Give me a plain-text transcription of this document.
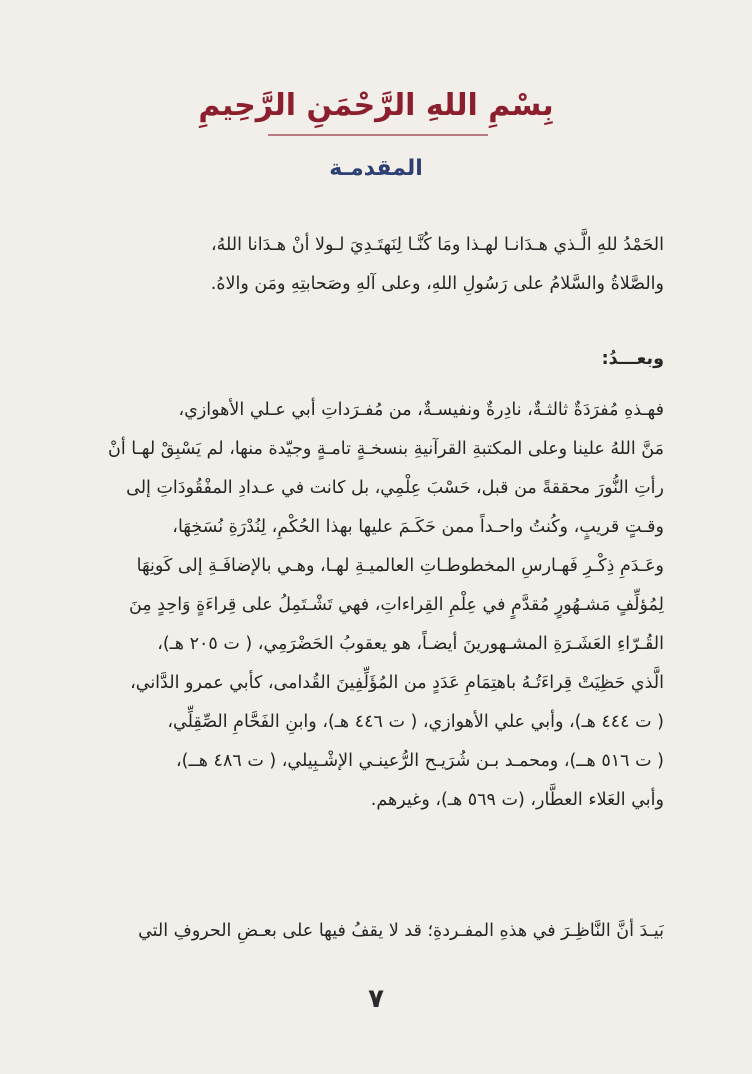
بِسْمِ اللهِ الرَّحْمَنِ الرَّحِيمِ
المقدمـة
الحَمْدُ للهِ الَّـذي هـدَانـا لهـذا ومَا كُنَّـا لِنَهتَـدِيَ لـولا أنْ هـدَانا اللهُ،
والصَّلاةُ والسَّلامُ على رَسُولِ اللهِ، وعلى آلهِ وصَحابتِهِ ومَن والاهُ.
وبعـــدُ:
فهـذهِ مُفرَدَةٌ ثالثـةٌ، نادِرةٌ ونفيسـةٌ، من مُفـرَداتِ أبي عـلي الأهوازي،
مَنَّ اللهُ علينا وعلى المكتبةِ القرآنيةِ بنسخـةٍ تامـةٍ وجيّدة منها، لم يَسْبِقْ لهـا أنْ
رأتِ النُّورَ محققةً من قبل، حَسْبَ عِلْمِي، بل كانت في عـدادِ المفْقُودَاتِ إلى
وقـتٍ قريبٍ، وكُنتُ واحـداً ممن حَكَـمَ عليها بهذا الحُكْمِ، لِنُدْرَةِ نُسَخِهَا،
وعَـدَمِ ذِكْـرِ فَهـارسِ المخطوطـاتِ العالميـةِ لهـا، وهـي بالإضافَـةِ إلى كَونِهَا
لِمُؤلِّفٍ مَشـهُورٍ مُقدَّمٍ في عِلْمِ القِراءاتِ، فهي تَشْـتَمِلُ على قِراءَةٍ وَاحِدٍ مِنَ
القُـرّاءِ العَشَـرَةِ المشـهورينَ أيضـاً، هو يعقوبُ الحَضْرَمِي، ( ت ٢٠٥ هـ)،
الَّذي حَظِيَتْ قِراءَتُـهُ باهتِمَامِ عَدَدٍ من المُؤَلِّفِينَ القُدامى، كأبي عمرو الدَّاني،
( ت ٤٤٤ هـ)، وأبي علي الأهوازي، ( ت ٤٤٦ هـ)، وابنِ الفَحَّامِ الصِّقِلِّي،
( ت ٥١٦ هــ)، ومحمـد بـن شُرَيـح الرُّعينـي الإشْـبِيلي، ( ت ٤٨٦ هــ)،
وأبي العَلاء العطَّار، (ت ٥٦٩ هـ)، وغيرهم.
بَيـدَ أنَّ النَّاظِـرَ في هذهِ المفـردةِ؛ قد لا يقفُ فيها على بعـضِ الحروفِ التي
٧
